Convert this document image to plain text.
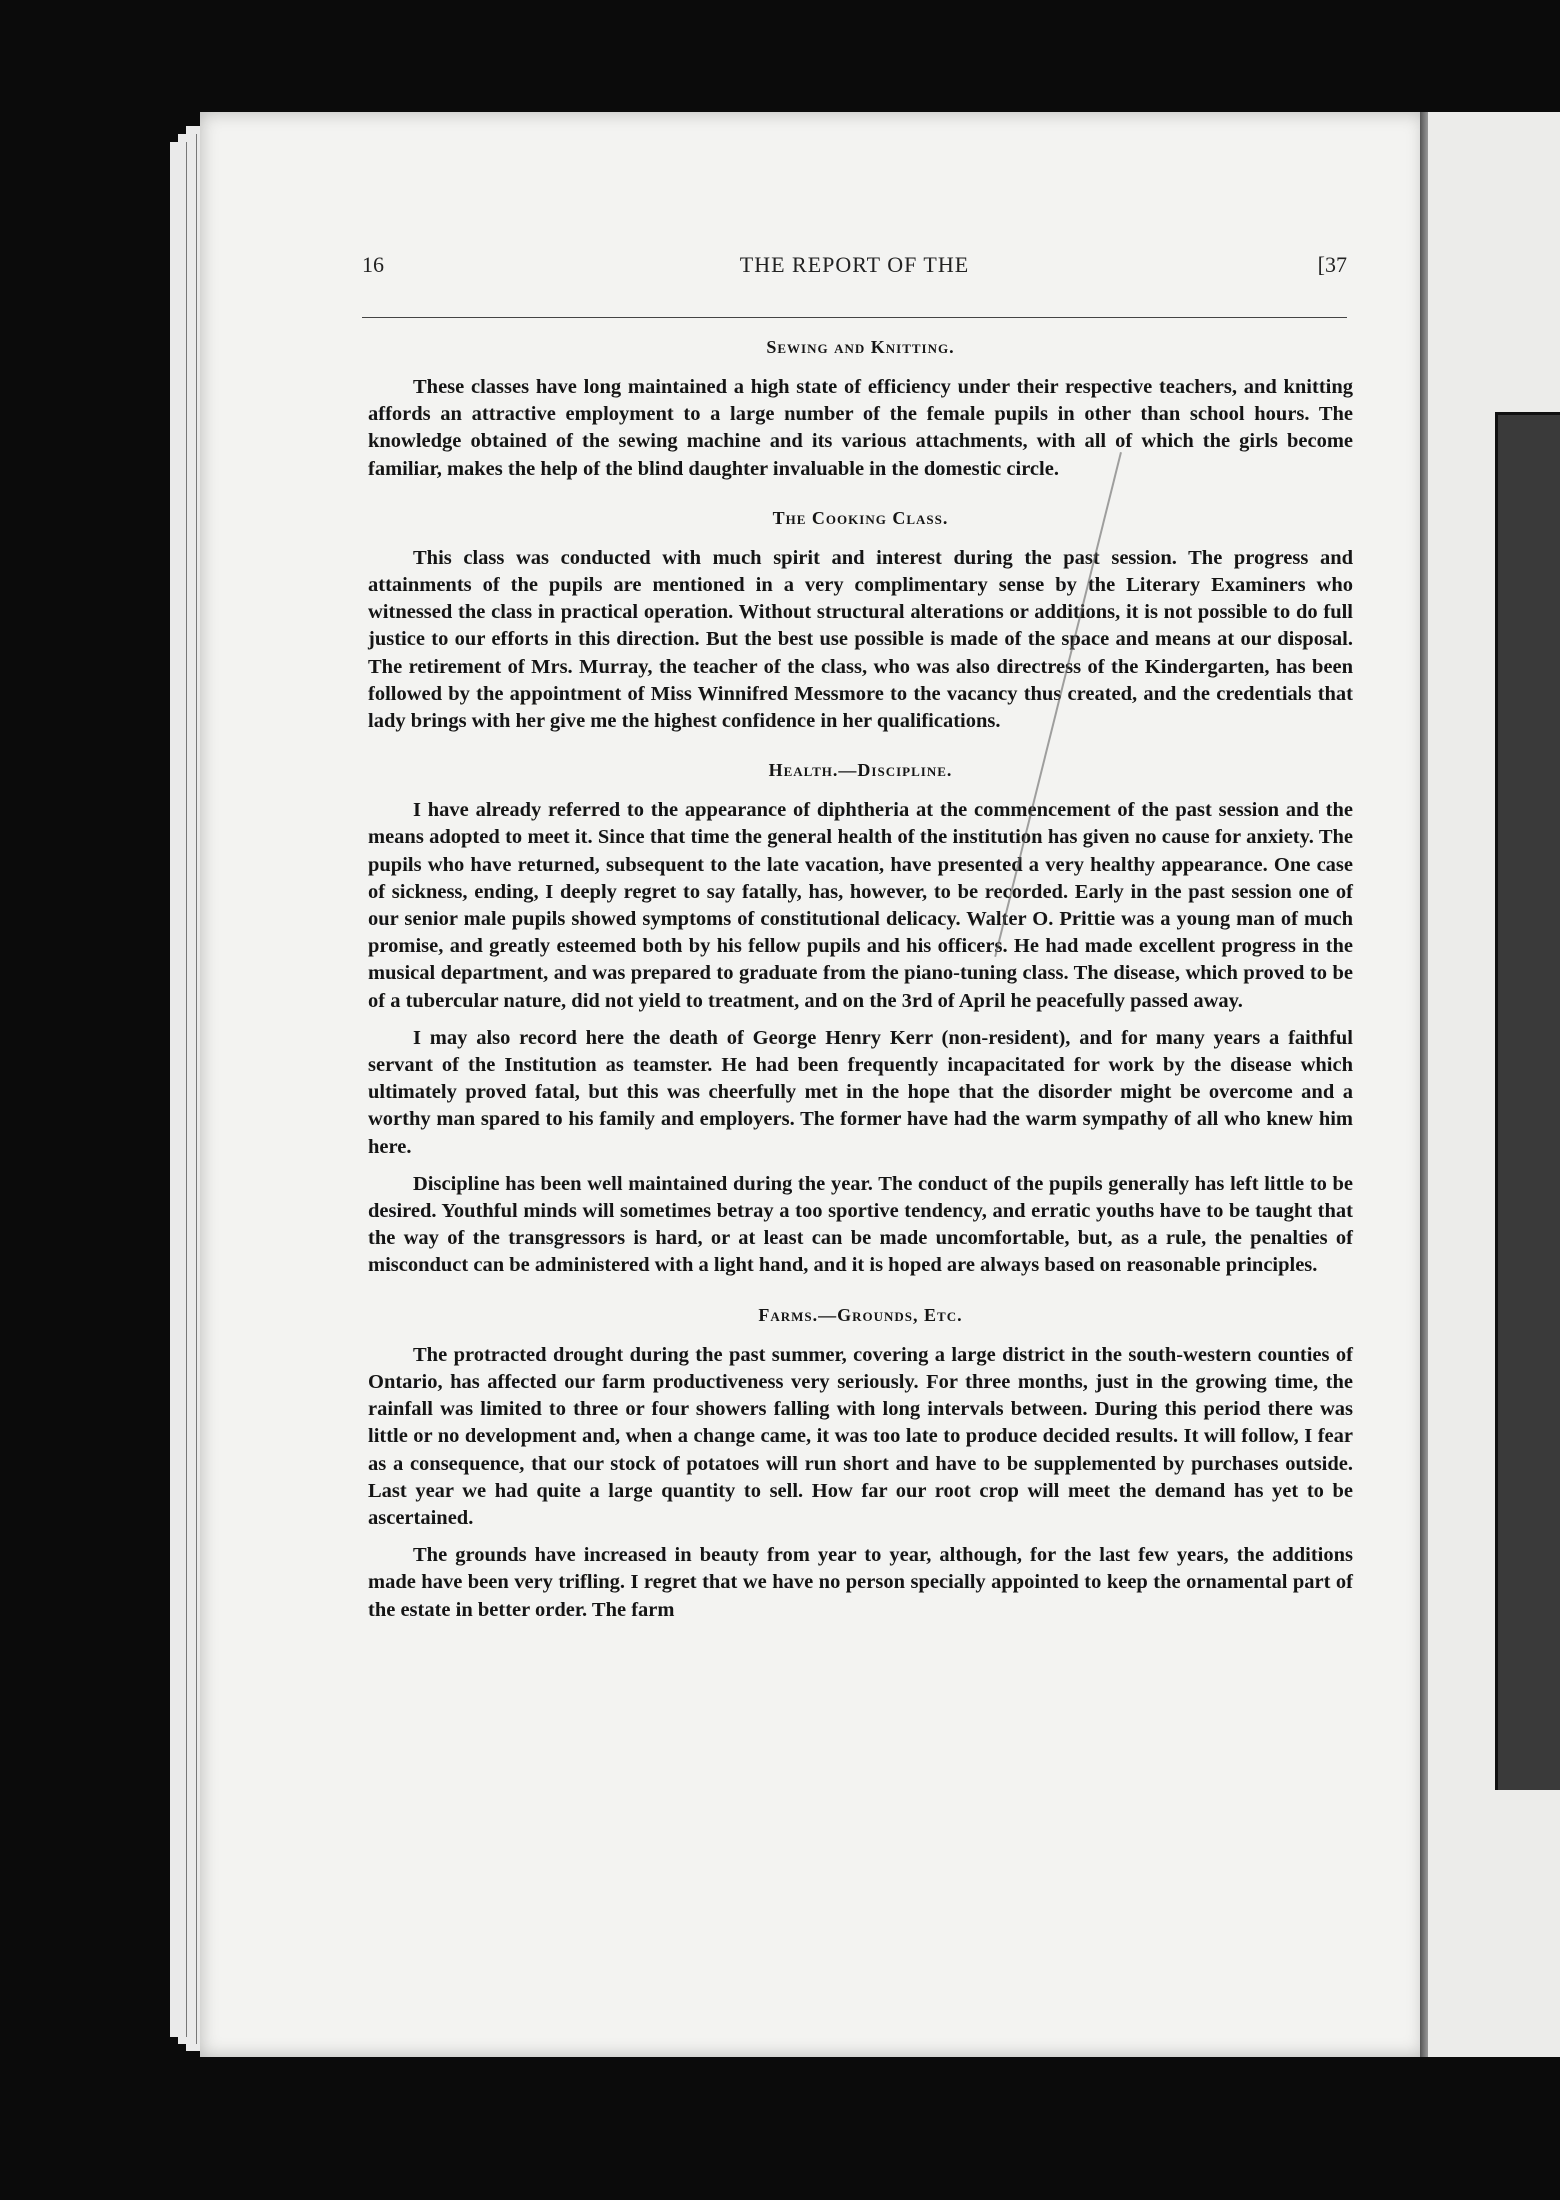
16	THE REPORT OF THE	[37
Sewing and Knitting.

These classes have long maintained a high state of efficiency under their respective teachers, and knitting affords an attractive employment to a large number of the female pupils in other than school hours. The knowledge obtained of the sewing machine and its various attachments, with all of which the girls become familiar, makes the help of the blind daughter invaluable in the domestic circle.

The Cooking Class.

This class was conducted with much spirit and interest during the past session. The progress and attainments of the pupils are mentioned in a very complimentary sense by the Literary Examiners who witnessed the class in practical operation. Without structural alterations or additions, it is not possible to do full justice to our efforts in this direction. But the best use possible is made of the space and means at our disposal. The retirement of Mrs. Murray, the teacher of the class, who was also directress of the Kindergarten, has been followed by the appointment of Miss Winnifred Messmore to the vacancy thus created, and the credentials that lady brings with her give me the highest confidence in her qualifications.

Health.—Discipline.

I have already referred to the appearance of diphtheria at the commencement of the past session and the means adopted to meet it. Since that time the general health of the institution has given no cause for anxiety. The pupils who have returned, subsequent to the late vacation, have presented a very healthy appearance. One case of sickness, ending, I deeply regret to say fatally, has, however, to be recorded. Early in the past session one of our senior male pupils showed symptoms of constitutional delicacy. Walter O. Prittie was a young man of much promise, and greatly esteemed both by his fellow pupils and his officers. He had made excellent progress in the musical department, and was prepared to graduate from the piano-tuning class. The disease, which proved to be of a tubercular nature, did not yield to treatment, and on the 3rd of April he peacefully passed away.

I may also record here the death of George Henry Kerr (non-resident), and for many years a faithful servant of the Institution as teamster. He had been frequently incapacitated for work by the disease which ultimately proved fatal, but this was cheerfully met in the hope that the disorder might be overcome and a worthy man spared to his family and employers. The former have had the warm sympathy of all who knew him here.

Discipline has been well maintained during the year. The conduct of the pupils generally has left little to be desired. Youthful minds will sometimes betray a too sportive tendency, and erratic youths have to be taught that the way of the transgressors is hard, or at least can be made uncomfortable, but, as a rule, the penalties of misconduct can be administered with a light hand, and it is hoped are always based on reasonable principles.

Farms.—Grounds, Etc.

The protracted drought during the past summer, covering a large district in the south-western counties of Ontario, has affected our farm productiveness very seriously. For three months, just in the growing time, the rainfall was limited to three or four showers falling with long intervals between. During this period there was little or no development and, when a change came, it was too late to produce decided results. It will follow, I fear as a consequence, that our stock of potatoes will run short and have to be supplemented by purchases outside. Last year we had quite a large quantity to sell. How far our root crop will meet the demand has yet to be ascertained.

The grounds have increased in beauty from year to year, although, for the last few years, the additions made have been very trifling. I regret that we have no person specially appointed to keep the ornamental part of the estate in better order. The farm
